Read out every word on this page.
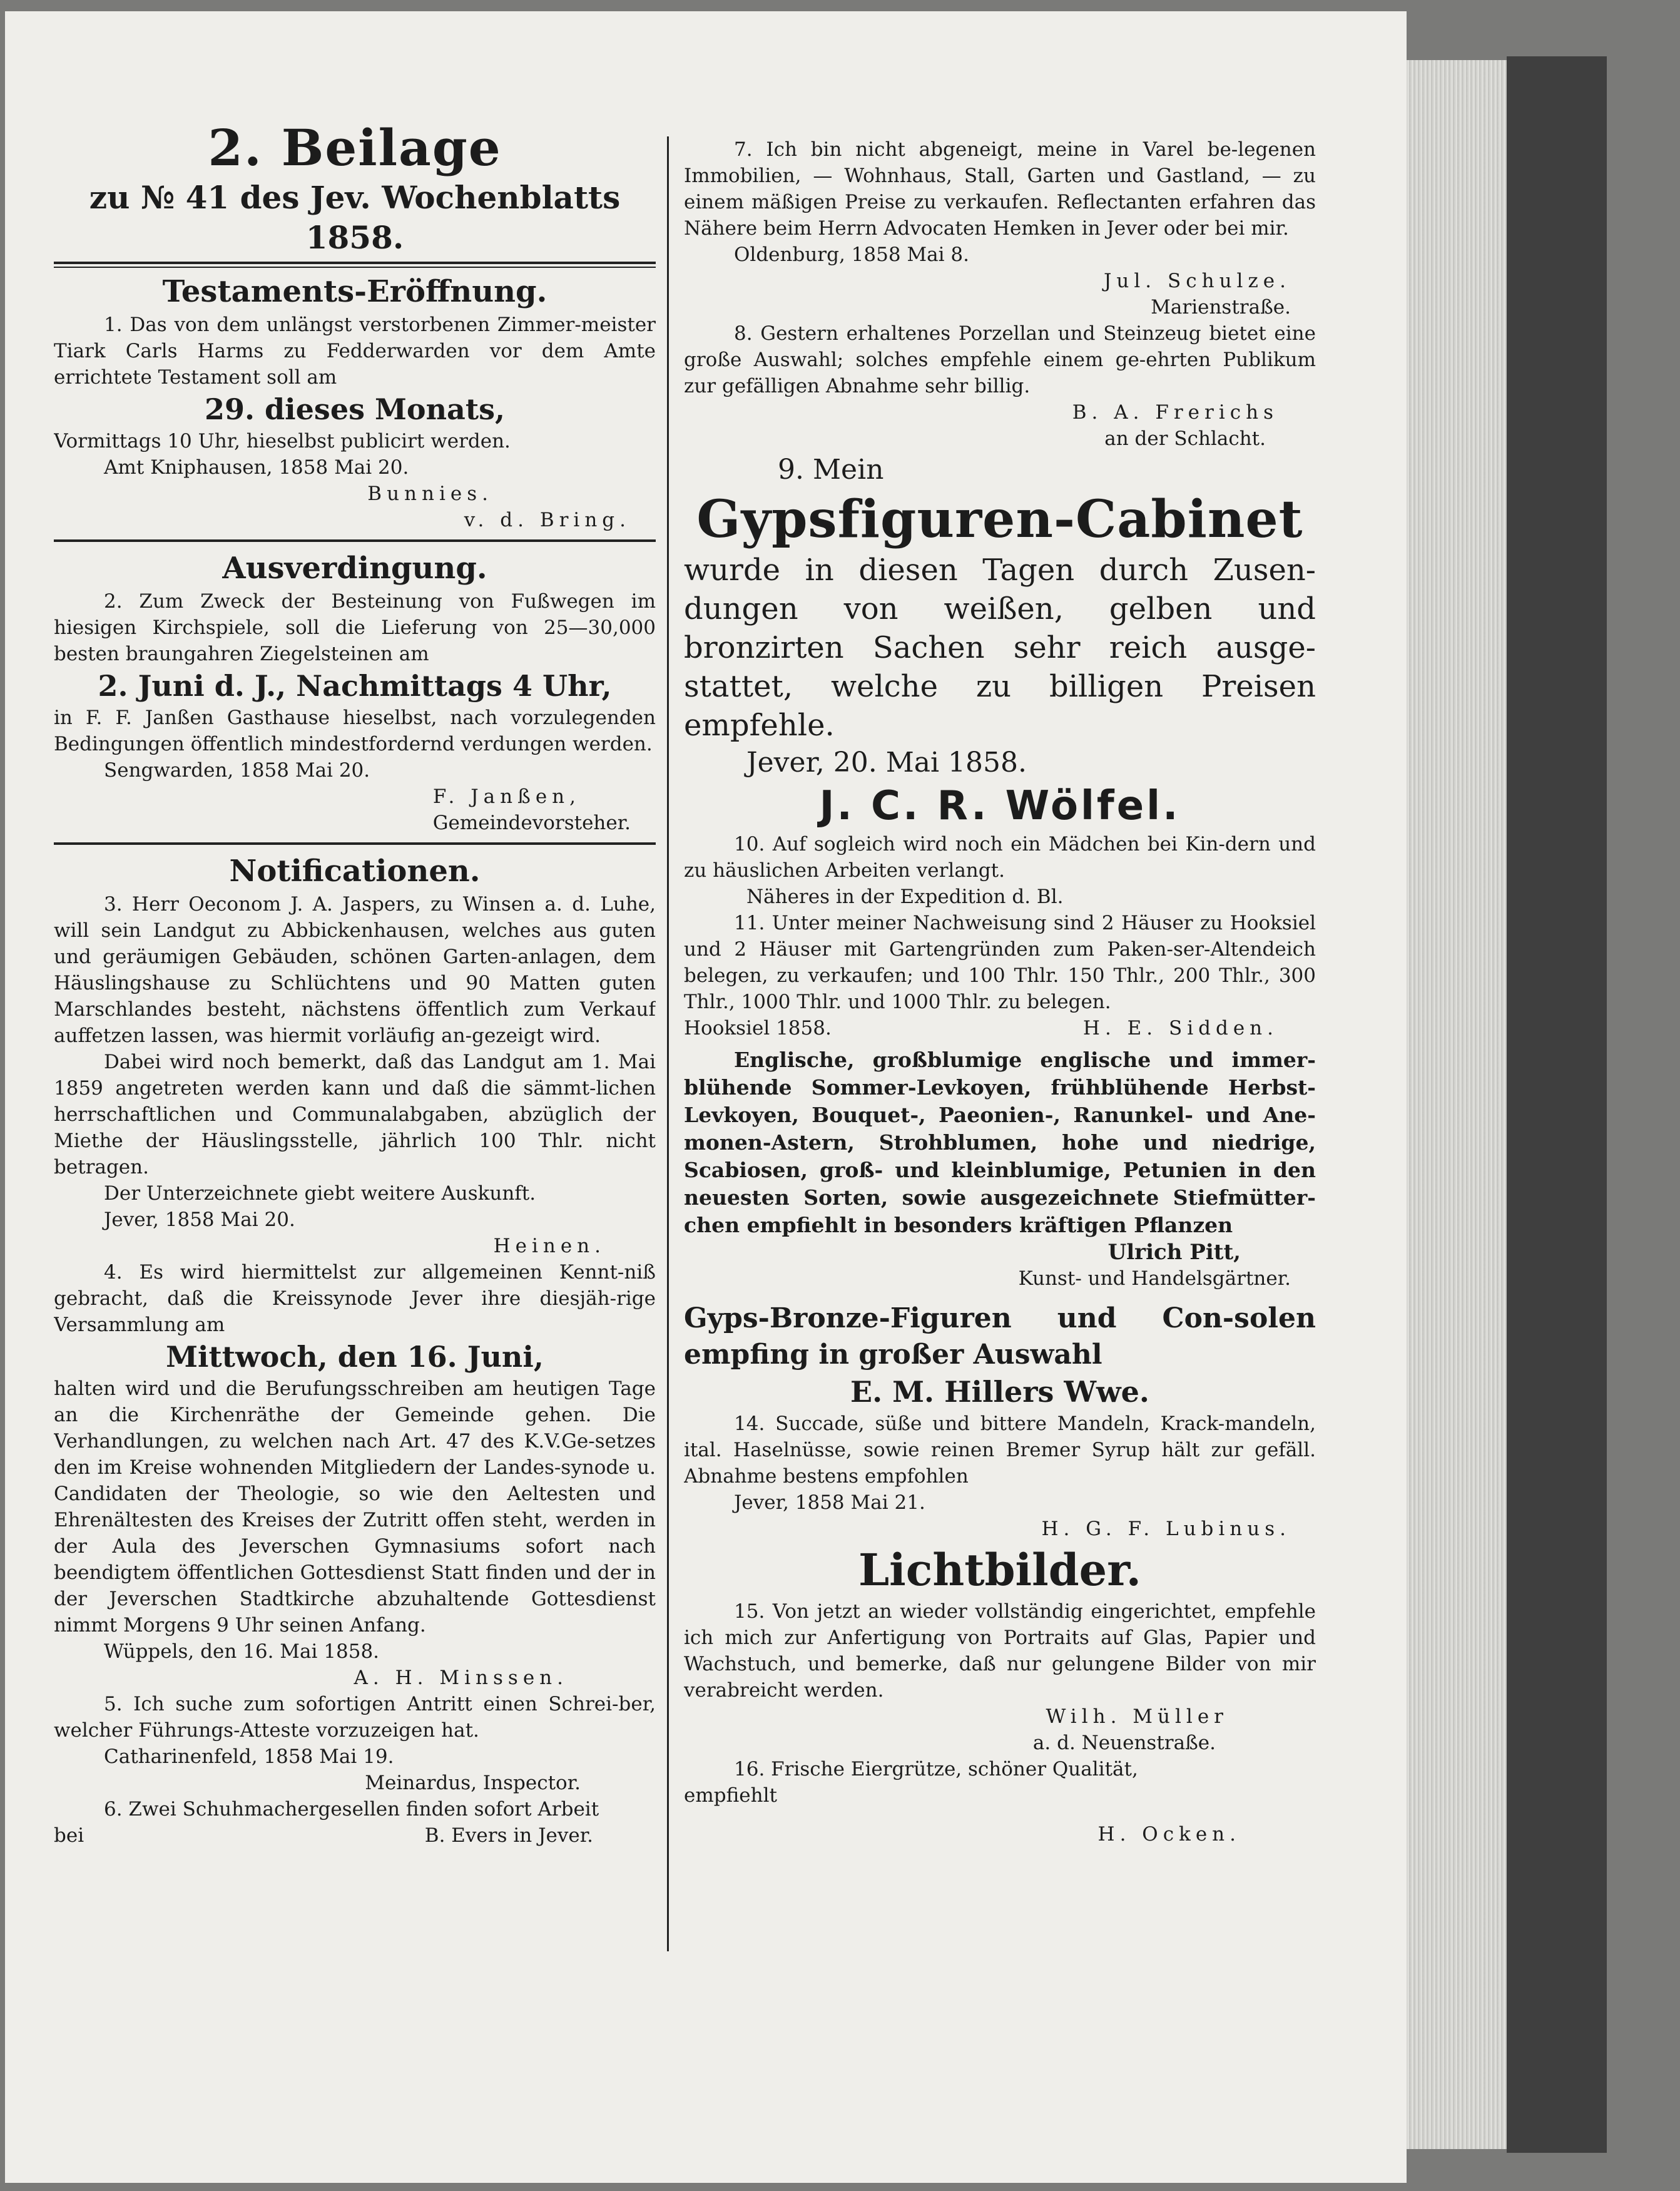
2. Beilage

zu № 41 des Jev. Wochenblatts 1858.

Testaments-Eröffnung.

1. Das von dem unlängst verstorbenen Zimmer-meister Tiark Carls Harms zu Fedderwarden vor dem Amte errichtete Testament soll am

29. dieses Monats,

Vormittags 10 Uhr, hieselbst publicirt werden.

Amt Kniphausen, 1858 Mai 20.

Bunnies.

v. d. Bring.

Ausverdingung.

2. Zum Zweck der Besteinung von Fußwegen im hiesigen Kirchspiele, soll die Lieferung von 25—30,000 besten braungahren Ziegelsteinen am

2. Juni d. J., Nachmittags 4 Uhr,

in F. F. Janßen Gasthause hieselbst, nach vorzulegenden Bedingungen öffentlich mindestfordernd verdungen werden.

Sengwarden, 1858 Mai 20.

F. Janßen,

Gemeindevorsteher.

Notificationen.

3. Herr Oeconom J. A. Jaspers, zu Winsen a. d. Luhe, will sein Landgut zu Abbickenhausen, welches aus guten und geräumigen Gebäuden, schönen Garten-anlagen, dem Häuslingshause zu Schlüchtens und 90 Matten guten Marschlandes besteht, nächstens öffentlich zum Verkauf auffetzen lassen, was hiermit vorläufig an-gezeigt wird.

Dabei wird noch bemerkt, daß das Landgut am 1. Mai 1859 angetreten werden kann und daß die sämmt-lichen herrschaftlichen und Communalabgaben, abzüglich der Miethe der Häuslingsstelle, jährlich 100 Thlr. nicht betragen.

Der Unterzeichnete giebt weitere Auskunft.

Jever, 1858 Mai 20.

Heinen.

4. Es wird hiermittelst zur allgemeinen Kennt-niß gebracht, daß die Kreissynode Jever ihre diesjäh-rige Versammlung am

Mittwoch, den 16. Juni,

halten wird und die Berufungsschreiben am heutigen Tage an die Kirchenräthe der Gemeinde gehen. Die Verhandlungen, zu welchen nach Art. 47 des K.V.Ge-setzes den im Kreise wohnenden Mitgliedern der Landes-synode u. Candidaten der Theologie, so wie den Aeltesten und Ehrenältesten des Kreises der Zutritt offen steht, werden in der Aula des Jeverschen Gymnasiums sofort nach beendigtem öffentlichen Gottesdienst Statt finden und der in der Jeverschen Stadtkirche abzuhaltende Gottesdienst nimmt Morgens 9 Uhr seinen Anfang.

Wüppels, den 16. Mai 1858.

A. H. Minssen.

5. Ich suche zum sofortigen Antritt einen Schrei-ber, welcher Führungs-Atteste vorzuzeigen hat.

Catharinenfeld, 1858 Mai 19.

Meinardus, Inspector.

6. Zwei Schuhmachergesellen finden sofort Arbeit

bei	B. Evers in Jever.

7. Ich bin nicht abgeneigt, meine in Varel be-legenen Immobilien, — Wohnhaus, Stall, Garten und Gastland, — zu einem mäßigen Preise zu verkaufen. Reflectanten erfahren das Nähere beim Herrn Advocaten Hemken in Jever oder bei mir.

Oldenburg, 1858 Mai 8.

Jul. Schulze.

Marienstraße.

8. Gestern erhaltenes Porzellan und Steinzeug bietet eine große Auswahl; solches empfehle einem ge-ehrten Publikum zur gefälligen Abnahme sehr billig.

B. A. Frerichs

an der Schlacht.

9. Mein

Gypsfiguren-Cabinet

wurde in diesen Tagen durch Zusen-dungen von weißen, gelben und bronzirten Sachen sehr reich ausge-stattet, welche zu billigen Preisen empfehle.

Jever, 20. Mai 1858.

J. C. R. Wölfel.

10. Auf sogleich wird noch ein Mädchen bei Kin-dern und zu häuslichen Arbeiten verlangt.

Näheres in der Expedition d. Bl.

11. Unter meiner Nachweisung sind 2 Häuser zu Hooksiel und 2 Häuser mit Gartengründen zum Paken-ser-Altendeich belegen, zu verkaufen; und 100 Thlr. 150 Thlr., 200 Thlr., 300 Thlr., 1000 Thlr. und 1000 Thlr. zu belegen.

Hooksiel 1858.	H. E. Sidden.

Englische, großblumige englische und immer-blühende Sommer-Levkoyen, frühblühende Herbst-Levkoyen, Bouquet-, Paeonien-, Ranunkel- und Ane-monen-Astern, Strohblumen, hohe und niedrige, Scabiosen, groß- und kleinblumige, Petunien in den neuesten Sorten, sowie ausgezeichnete Stiefmütter-chen empfiehlt in besonders kräftigen Pflanzen

Ulrich Pitt,

Kunst- und Handelsgärtner.

Gyps-Bronze-Figuren und Con-solen empfing in großer Auswahl

E. M. Hillers Wwe.

14. Succade, süße und bittere Mandeln, Krack-mandeln, ital. Haselnüsse, sowie reinen Bremer Syrup hält zur gefäll. Abnahme bestens empfohlen

Jever, 1858 Mai 21.

H. G. F. Lubinus.

Lichtbilder.

15. Von jetzt an wieder vollständig eingerichtet, empfehle ich mich zur Anfertigung von Portraits auf Glas, Papier und Wachstuch, und bemerke, daß nur gelungene Bilder von mir verabreicht werden.

Wilh. Müller

a. d. Neuenstraße.

16. Frische Eiergrütze, schöner Qualität,

empfiehlt

H. Ocken.
